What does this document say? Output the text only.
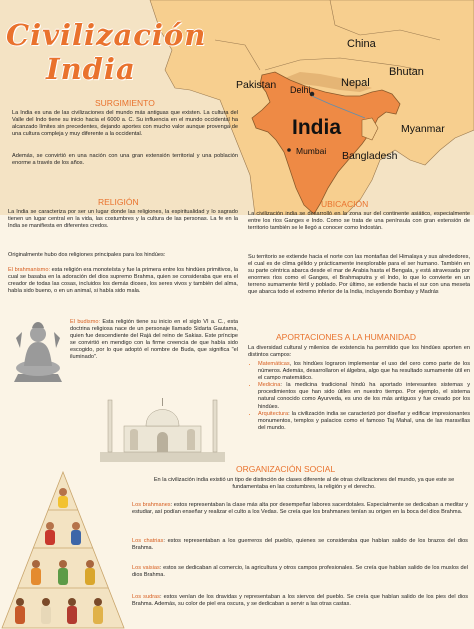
China
Pakistan Delhi
Nepal
Bhutan
India
Mumbai
Myanmar
Bangladesh
Civilización
India
SURGIMIENTO

La India es una de las civilizaciones del mundo más antiguas que existen. La cultura del Valle del Indo tiene su inicio hacia el 6000 a. C. Su influencia en el mundo occidental ha alcanzado límites sin precedentes, dejando aportes con mucho valor aunque provenga de una cultura compleja y muy diferente a la occidental.

Además, se convirtió en una nación con una gran extensión territorial y una población enorme a través de los años.

RELIGIÓN

La India se caracteriza por ser un lugar donde las religiones, la espiritualidad y lo sagrado tienen un lugar central en la vida, las costumbres y la cultura de las personas. La fe en la India se manifiesta en diferentes credos.

Originalmente hubo dos religiones principales para los hindúes:

El brahmanismo: esta religión era monoteísta y fue la primera entre los hindúes primitivos, la cual se basaba en la adoración del dios supremo Brahma, quien se consideraba que era el creador de todas las cosas, incluidos los demás dioses, los seres vivos y también del alma, había sido bueno, o en un animal, si había sido mala.

El budismo: Esta religión tiene su inicio en el siglo VI a. C., esta doctrina religiosa nace de un personaje llamado Sidarta Gautama, quien fue descendiente del Rajá del reino de Sakias. Este príncipe se convirtió en mendigo con la firme creencia de que había sido escogido, por lo que adoptó el nombre de Buda, que significa "el iluminado".

UBICACIÓN

La civilización india se desarrolló en la zona sur del continente asiático, especialmente entre los ríos Ganges e Indo. Como se trata de una península con gran extensión de territorio también se le llegó a conocer como Indostán.

Su territorio se extiende hacia el norte con las montañas del Himalaya y sus alrededores, el cual es de clima gélido y prácticamente inexplorable para el ser humano. También en su parte céntrica abarca desde el mar de Arabia hasta el Bengala, y está atravesada por enormes ríos como el Ganges, el Brahmaputra y el Indo, lo que lo convierte en un terreno sumamente fértil y poblado. Por último, se extiende hacia el sur con una meseta que abarca todo el extremo inferior de la India, incluyendo Bombay y Madrás

APORTACIONES A LA HUMANIDAD

La diversidad cultural y milenios de existencia ha permitido que los hindúes aporten en distintos campos:

• Matemáticas, los hindúes lograron implementar el uso del cero como parte de los números. Además, desarrollaron el álgebra, algo que ha resultado sumamente útil en el campo matemático.
• Medicina: la medicina tradicional hindú ha aportado interesantes sistemas y procedimientos que han sido útiles en nuestro tiempo. Por ejemplo, el sistema natural conocido como Ayurveda, es uno de los más antiguos y fue creado por los hindúes.
• Arquitectura: la civilización india se caracterizó por diseñar y edificar impresionantes monumentos, templos y palacios como el famoso Taj Mahal, una de las maravillas del mundo.
ORGANIZACIÓN SOCIAL

En la civilización india existió un tipo de distinción de clases diferente al de otras civilizaciones del mundo, ya que este se fundamentaba en las costumbres, la religión y el derecho.

Los brahmanes: estos representaban la clase más alta por desempeñar labores sacerdotales. Especialmente se dedicaban a meditar y estudiar, así podían enseñar y realizar el culto a los Vedas. Se creía que los brahmanes tenían su origen en la boca del dios Brahma.

Los chatrias: estos representaban a los guerreros del pueblo, quienes se consideraba que habían salido de los brazos del dios Brahma.

Los vaisias: estos se dedicaban al comercio, la agricultura y otros campos profesionales. Se creía que habían salido de los muslos del dios Brahma.

Los sudras: estos venían de los dravidas y representaban a los siervos del pueblo. Se creía que habían salido de los pies del dios Brahma. Además, su color de piel era oscura, y se dedicaban a servir a las otras castas.
